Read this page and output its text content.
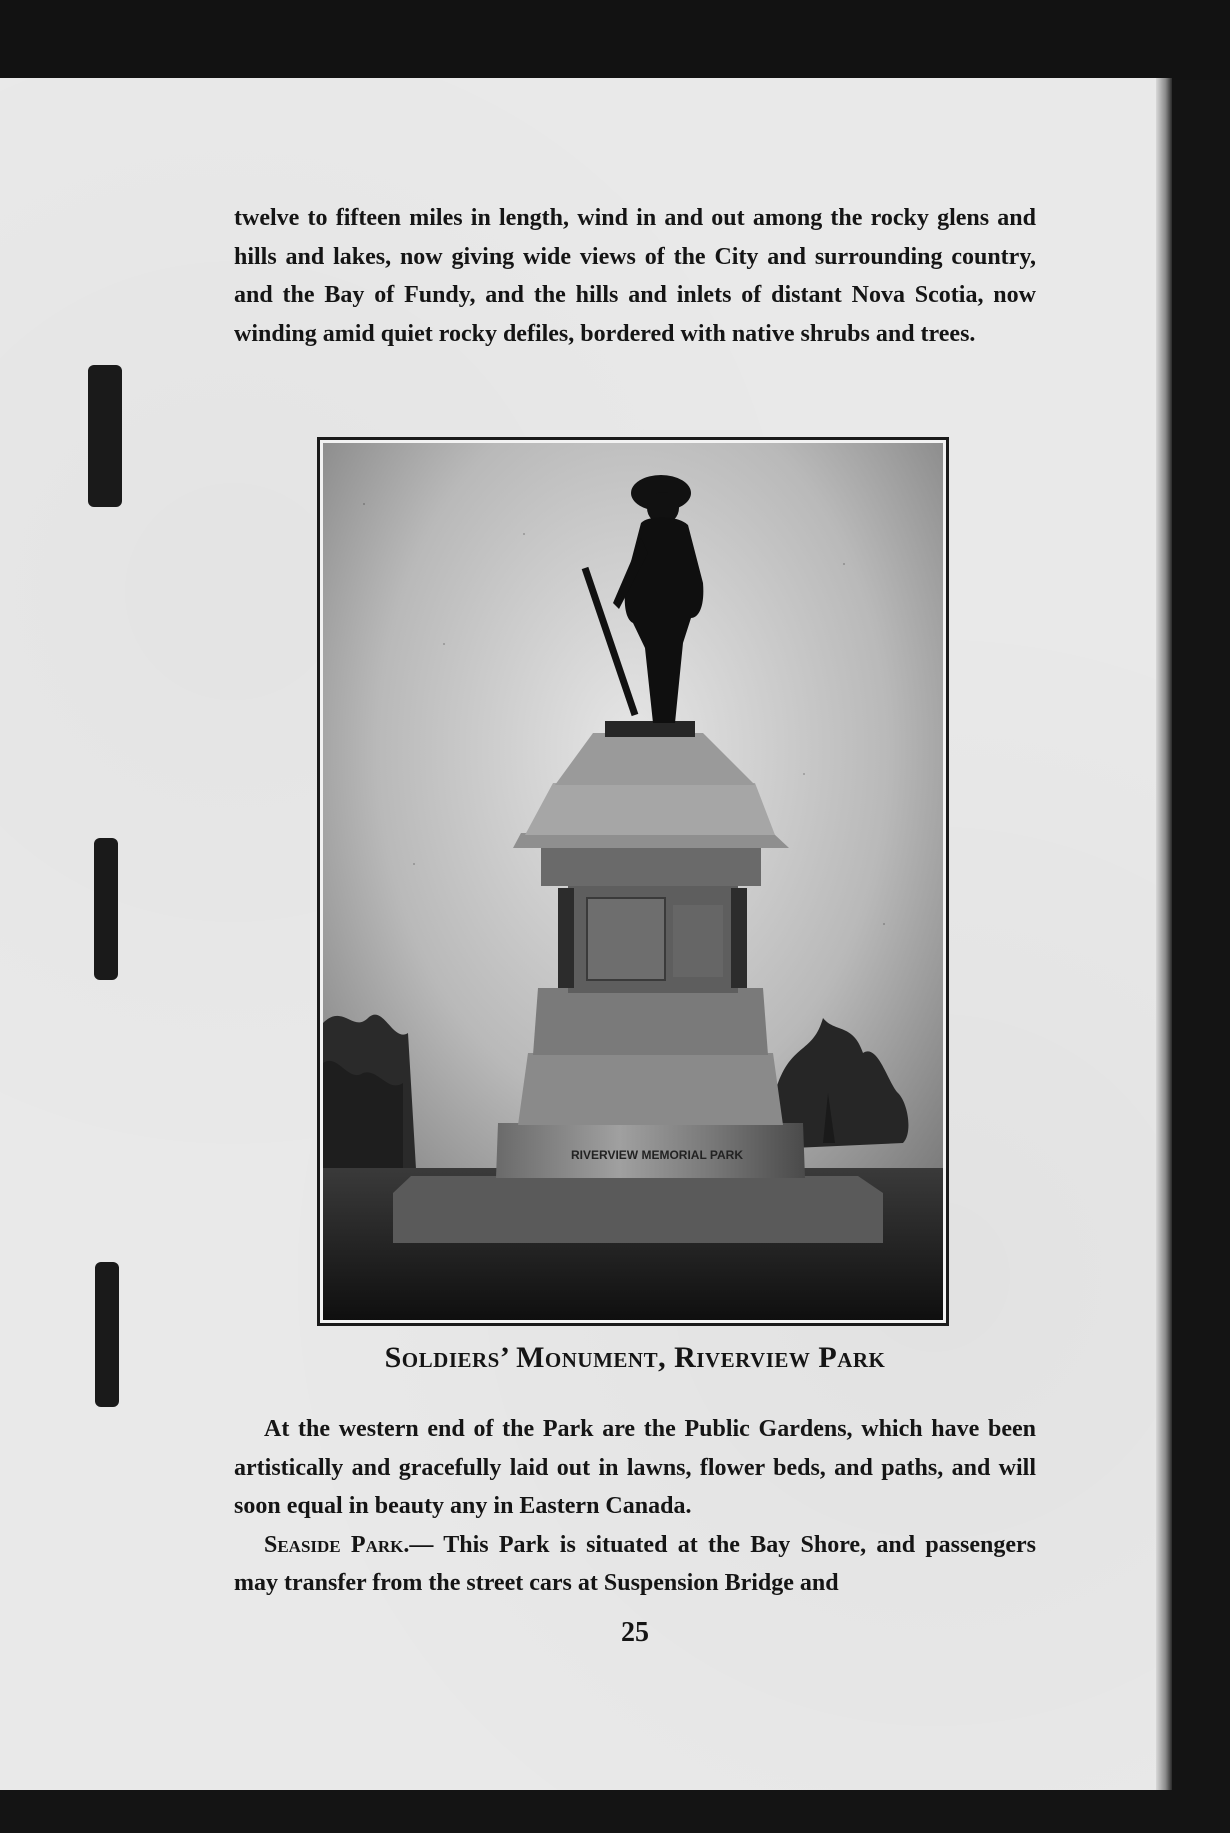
twelve to fifteen miles in length, wind in and out among the rocky glens and hills and lakes, now giving wide views of the City and surrounding country, and the Bay of Fundy, and the hills and inlets of distant Nova Scotia, now winding amid quiet rocky defiles, bordered with native shrubs and trees.

RIVERVIEW MEMORIAL PARK
Soldiers’ Monument, Riverview Park

At the western end of the Park are the Public Gardens, which have been artistically and gracefully laid out in lawns, flower beds, and paths, and will soon equal in beauty any in Eastern Canada.

Seaside Park.— This Park is situated at the Bay Shore, and passengers may transfer from the street cars at Suspension Bridge and

25
